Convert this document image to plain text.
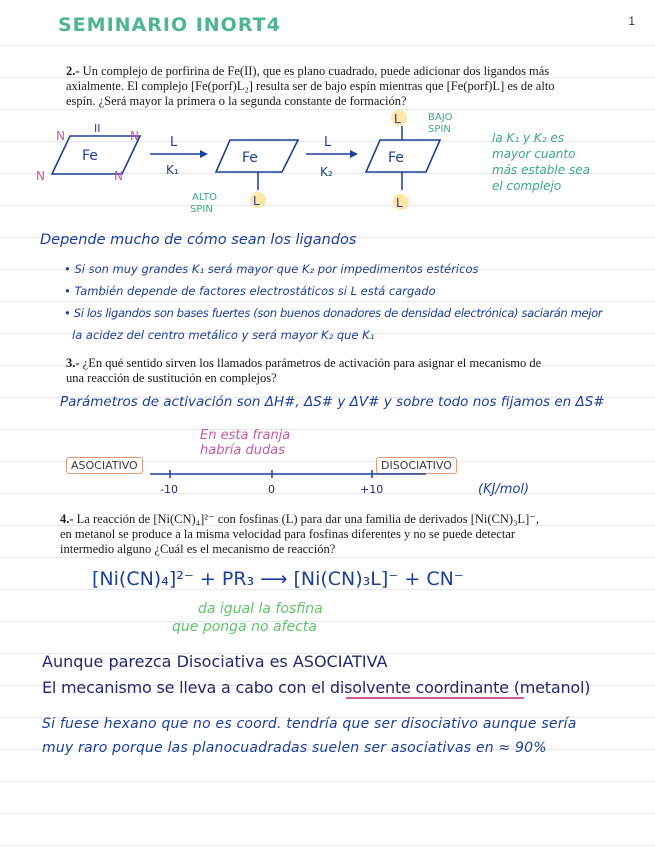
SEMINARIO INORT4	1
2.- Un complejo de porfirina de Fe(II), que es plano cuadrado, puede adicionar dos ligandos más
axialmente. El complejo [Fe(porf)L₂] resulta ser de bajo espín mientras que [Fe(porf)L] es de alto
espín. ¿Será mayor la primera o la segunda constante de formación?
Fe
II
N	N
N	N
L
K₁
Fe
L
ALTO
SPIN
L
K₂
Fe
L
L
BAJO
SPIN
la K₁ y K₂ es
mayor cuanto
más estable sea
el complejo
Depende mucho de cómo sean los ligandos
• Si son muy grandes K₁ será mayor que K₂ por impedimentos estéricos
• También depende de factores electrostáticos si L está cargado
• Si los ligandos son bases fuertes (son buenos donadores de densidad electrónica) saciarán mejor
la acidez del centro metálico y será mayor K₂ que K₁
3.- ¿En qué sentido sirven los llamados parámetros de activación para asignar el mecanismo de
una reacción de sustitución en complejos?
Parámetros de activación son ΔH#, ΔS# y ΔV# y sobre todo nos fijamos en ΔS#
En esta franja
habría dudas
ASOCIATIVO	DISOCIATIVO
-10	0	+10	(KJ/mol)
4.- La reacción de [Ni(CN)₄]²⁻ con fosfinas (L) para dar una familia de derivados [Ni(CN)₃L]⁻,
en metanol se produce a la misma velocidad para fosfinas diferentes y no se puede detectar
intermedio alguno ¿Cuál es el mecanismo de reacción?
[Ni(CN)₄]²⁻ + PR₃ ⟶ [Ni(CN)₃L]⁻ + CN⁻
da igual la fosfina
que ponga no afecta
Aunque parezca Disociativa es ASOCIATIVA
El mecanismo se lleva a cabo con el disolvente coordinante (metanol)
Si fuese hexano que no es coord. tendría que ser disociativo aunque sería
muy raro porque las planocuadradas suelen ser asociativas en ≈ 90%
